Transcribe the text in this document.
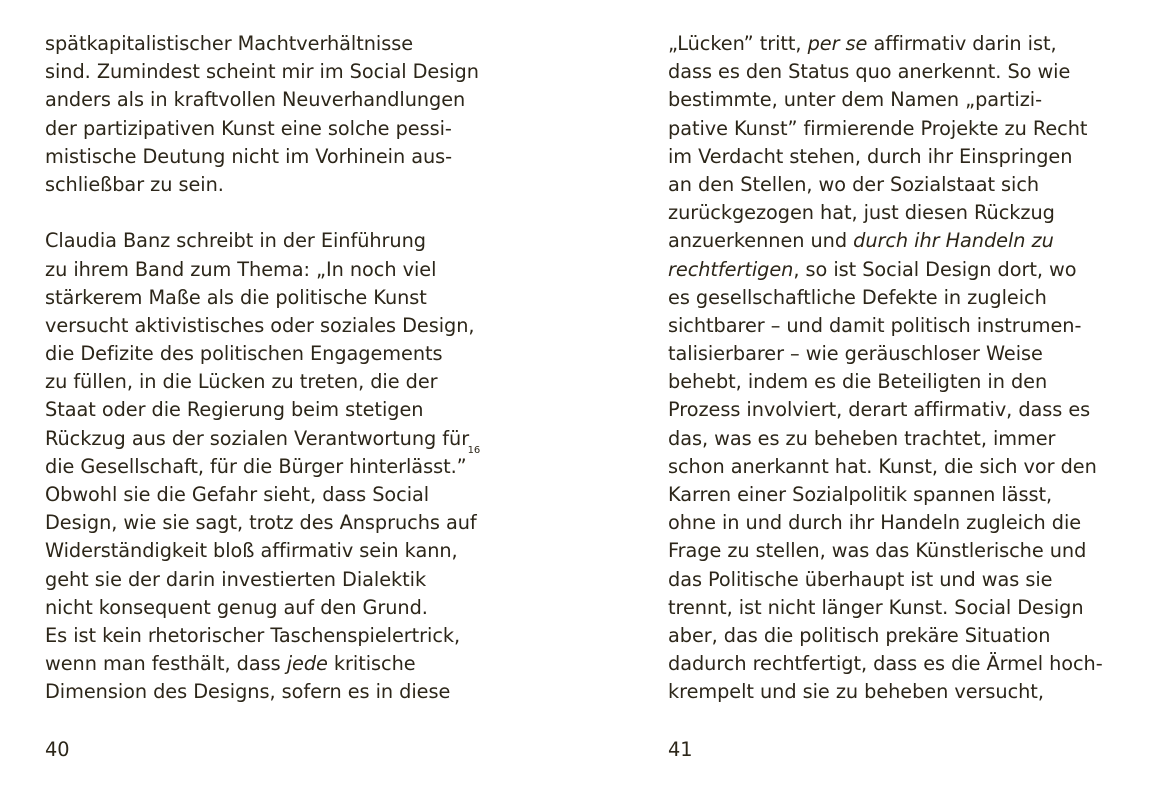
spätkapitalistischer Machtverhältnisse
sind. Zumindest scheint mir im Social Design
anders als in kraftvollen Neuverhandlungen
der partizipativen Kunst eine solche pessi-
mistische Deutung nicht im Vorhinein aus-
schließbar zu sein.
Claudia Banz schreibt in der Einführung
zu ihrem Band zum Thema: „In noch viel
stärkerem Maße als die politische Kunst
versucht aktivistisches oder soziales Design,
die Defizite des politischen Engagements
zu füllen, in die Lücken zu treten, die der
Staat oder die Regierung beim stetigen
Rückzug aus der sozialen Verantwortung für
die Gesellschaft, für die Bürger hinterlässt.”$^{16}$
Obwohl sie die Gefahr sieht, dass Social
Design, wie sie sagt, trotz des Anspruchs auf
Widerständigkeit bloß affirmativ sein kann,
geht sie der darin investierten Dialektik
nicht konsequent genug auf den Grund.
Es ist kein rhetorischer Taschenspielertrick,
wenn man festhält, dass jede kritische
Dimension des Designs, sofern es in diese
40
„Lücken” tritt, per se affirmativ darin ist,
dass es den Status quo anerkennt. So wie
bestimmte, unter dem Namen „partizi-
pative Kunst” firmierende Projekte zu Recht
im Verdacht stehen, durch ihr Einspringen
an den Stellen, wo der Sozialstaat sich
zurückgezogen hat, just diesen Rückzug
anzuerkennen und durch ihr Handeln zu
rechtfertigen, so ist Social Design dort, wo
es gesellschaftliche Defekte in zugleich
sichtbarer – und damit politisch instrumen-
talisierbarer – wie geräuschloser Weise
behebt, indem es die Beteiligten in den
Prozess involviert, derart affirmativ, dass es
das, was es zu beheben trachtet, immer
schon anerkannt hat. Kunst, die sich vor den
Karren einer Sozialpolitik spannen lässt,
ohne in und durch ihr Handeln zugleich die
Frage zu stellen, was das Künstlerische und
das Politische überhaupt ist und was sie
trennt, ist nicht länger Kunst. Social Design
aber, das die politisch prekäre Situation
dadurch rechtfertigt, dass es die Ärmel hoch-
krempelt und sie zu beheben versucht,
41
